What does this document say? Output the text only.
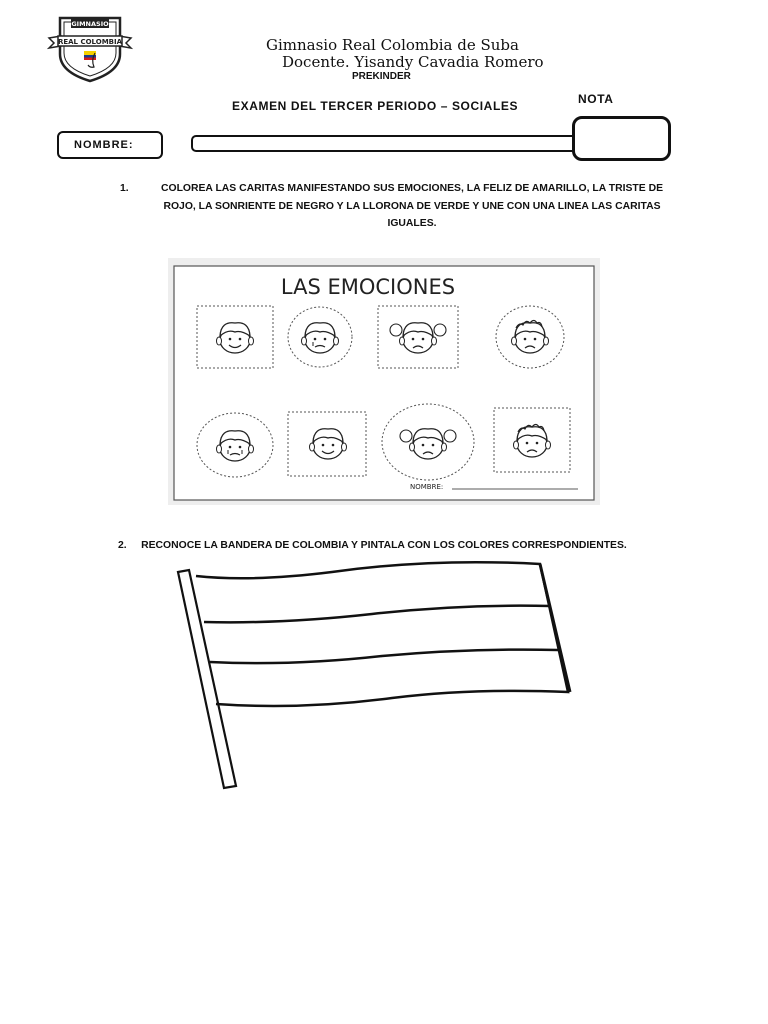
GIMNASIO
REAL COLOMBIA	Gimnasio Real Colombia de Suba
Docente. Yisandy Cavadia Romero
PREKINDER
NOTA
EXAMEN DEL TERCER PERIODO – SOCIALES
NOMBRE:
1.	COLOREA LAS CARITAS MANIFESTANDO SUS EMOCIONES, LA FELIZ DE AMARILLO, LA TRISTE DE ROJO, LA SONRIENTE DE NEGRO Y LA LLORONA DE VERDE Y UNE CON UNA LINEA LAS CARITAS IGUALES.
LAS EMOCIONES
NOMBRE:
2. RECONOCE LA BANDERA DE COLOMBIA Y PINTALA CON LOS COLORES CORRESPONDIENTES.
